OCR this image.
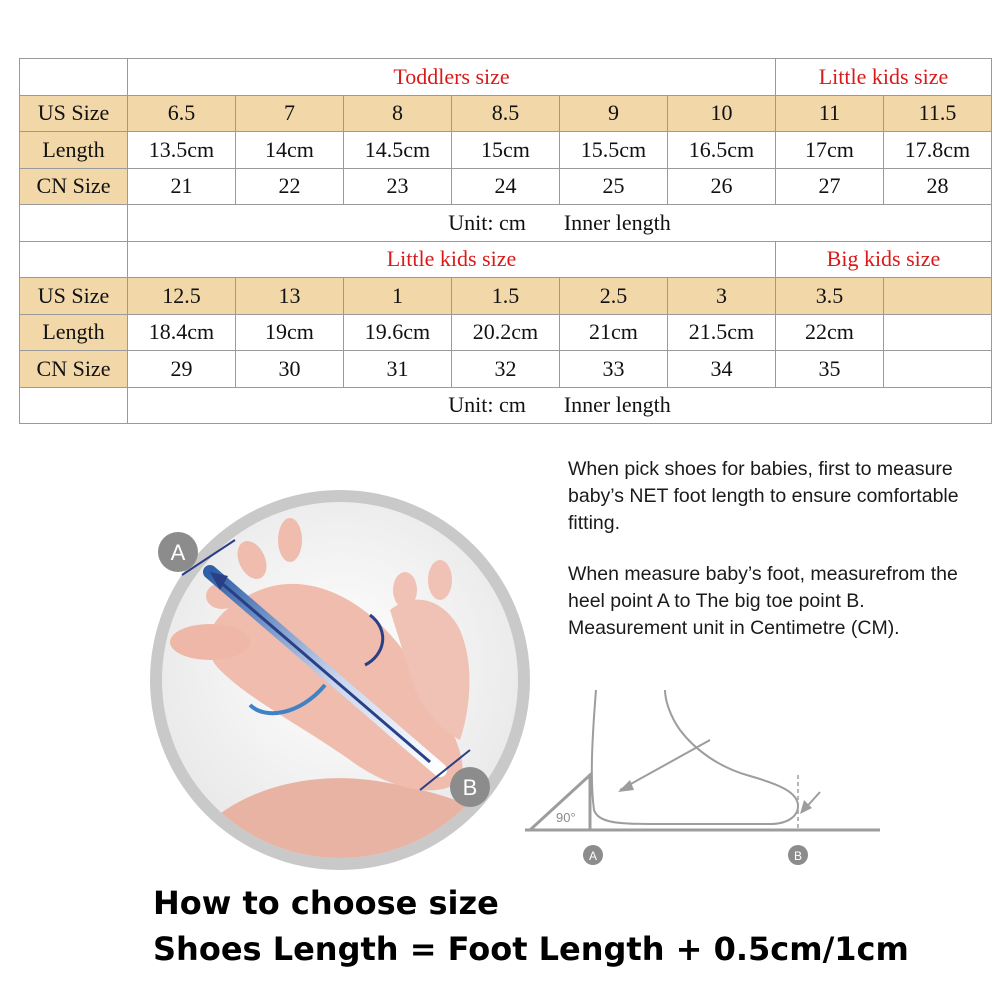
	Toddlers size						Little kids size	
US Size	6.5	7	8	8.5	9	10	11	11.5
Length	13.5cm	14cm	14.5cm	15cm	15.5cm	16.5cm	17cm	17.8cm
CN Size	21	22	23	24	25	26	27	28
	Unit: cm Inner length							
	Little kids size						Big kids size	
US Size	12.5	13	1	1.5	2.5	3	3.5	
Length	18.4cm	19cm	19.6cm	20.2cm	21cm	21.5cm	22cm	
CN Size	29	30	31	32	33	34	35	
	Unit: cm Inner length							
A
B
90°
A	B

When pick shoes for babies, first to measure baby’s NET foot length to ensure comfortable fitting.

When measure baby’s foot, measurefrom the heel point A to The big toe point B. Measurement unit in Centimetre (CM).

How to choose size
Shoes Length = Foot Length + 0.5cm/1cm
